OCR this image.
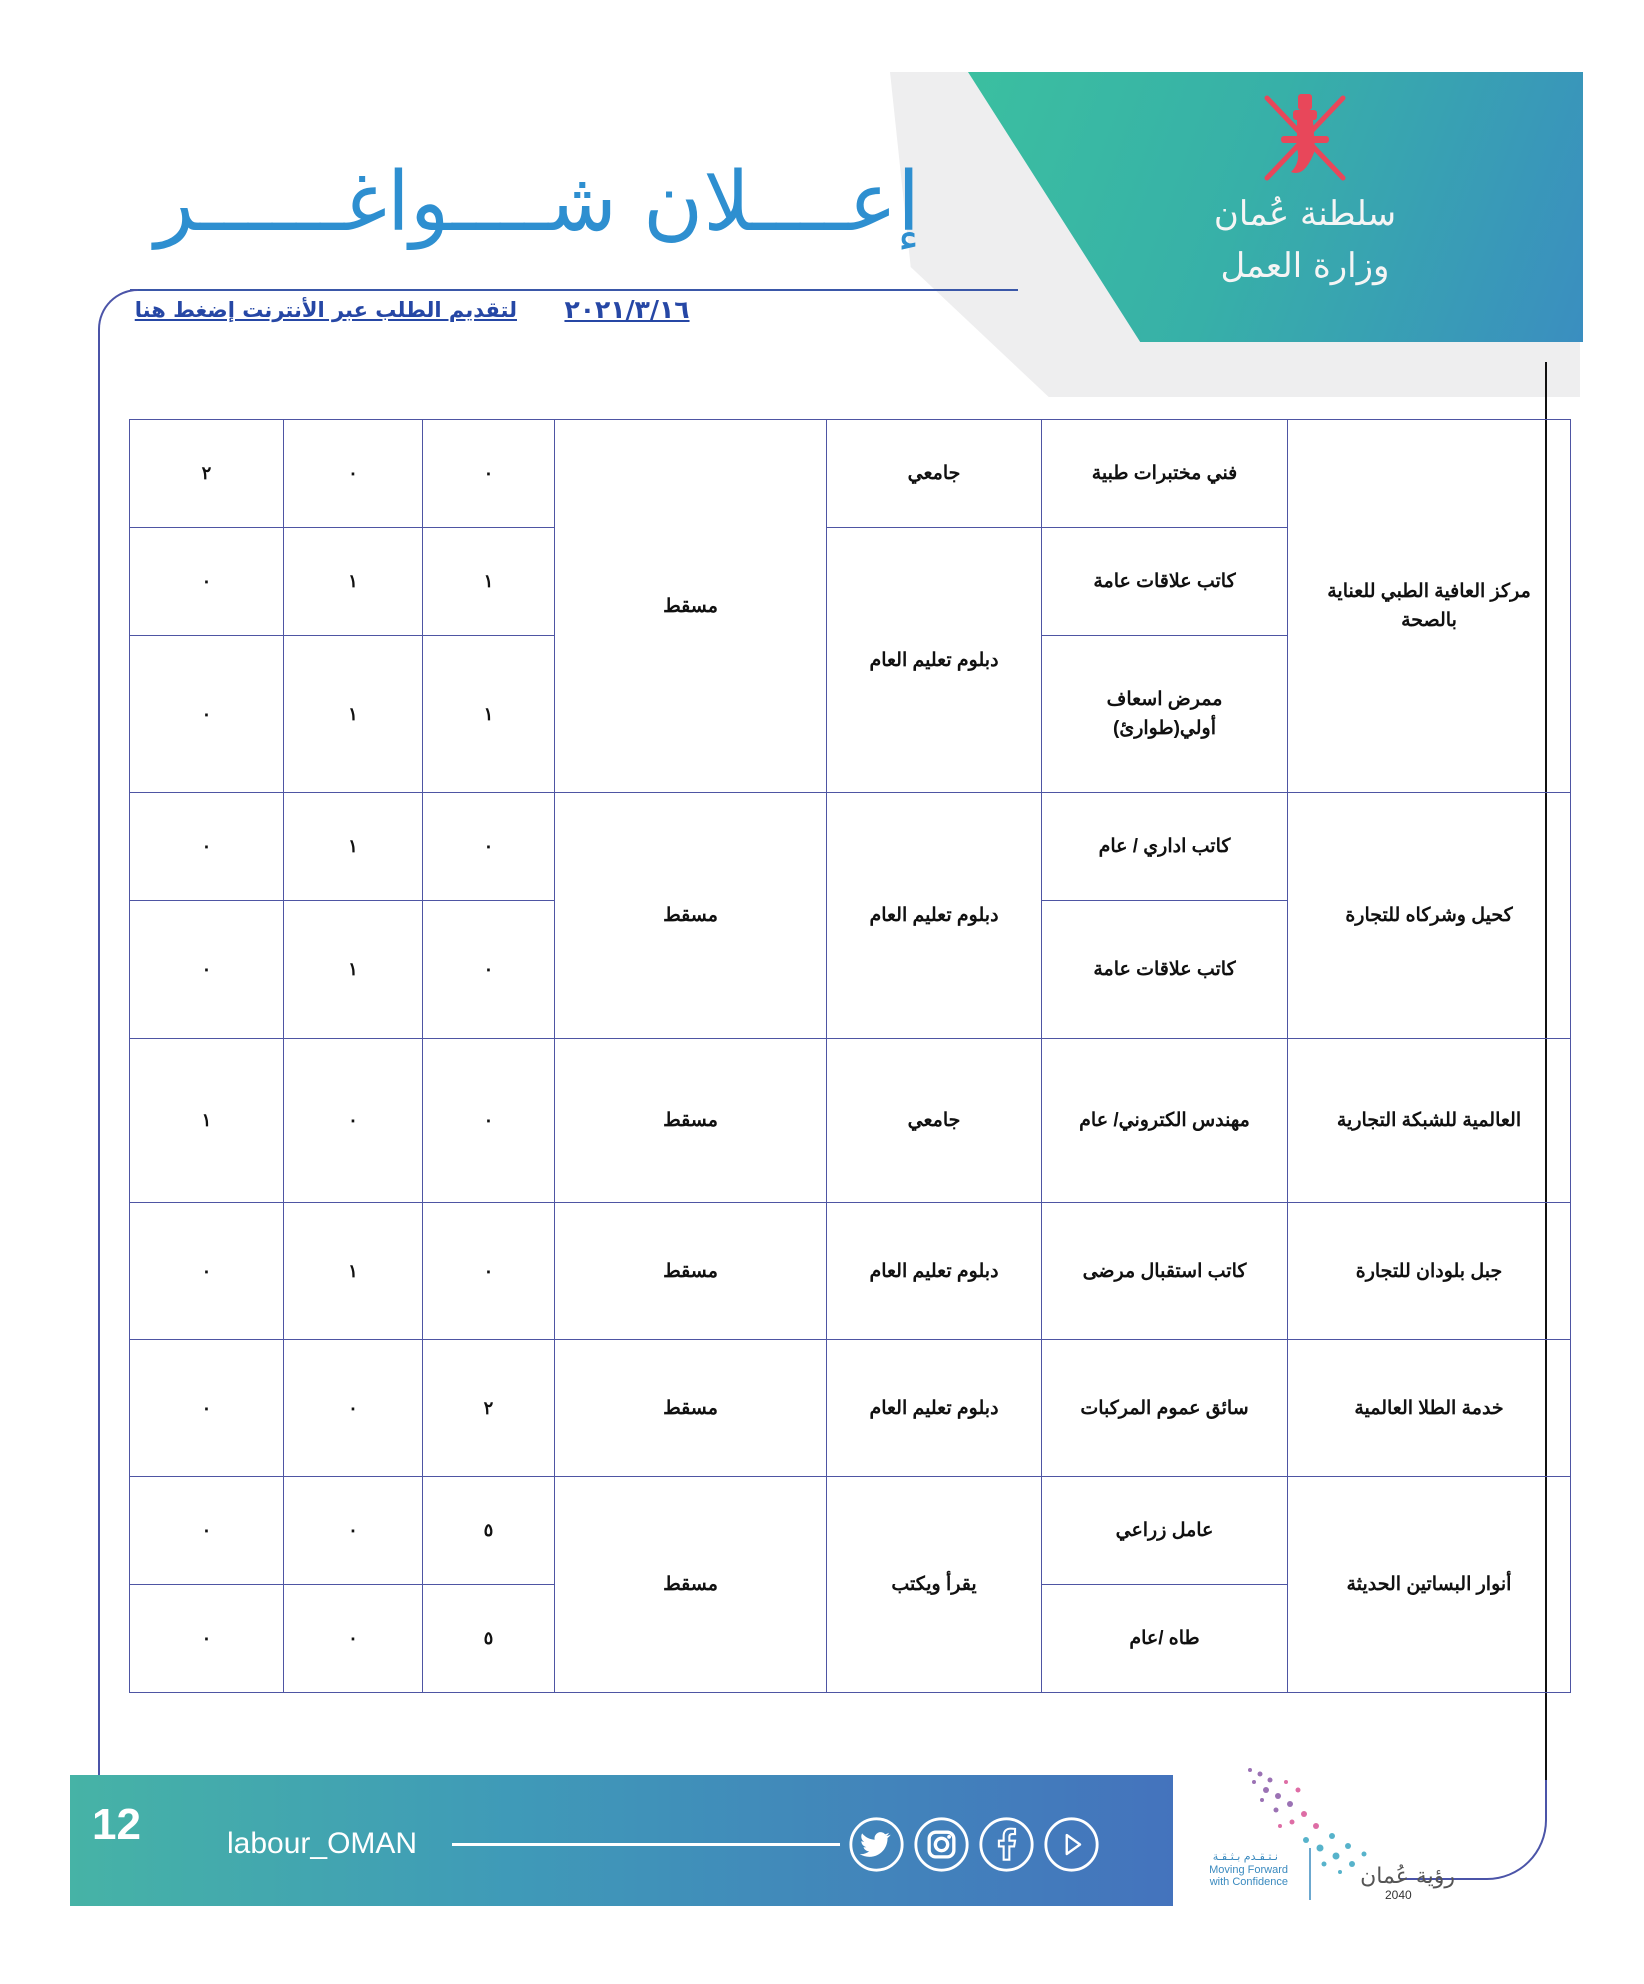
سلطنة عُمان
وزارة العمل
إعــــلان شــــواغــــــر
٢٠٢١/٣/١٦
لتقديم الطلب عبر الأنترنت إضغط هنا
مركز العافية الطبي للعناية بالصحة	فني مختبرات طبية	جامعي	مسقط	٠	٠	٢
	كاتب علاقات عامة	دبلوم تعليم العام		١	١	٠
	ممرض اسعاف أولي(طوارئ)			١	١	٠
كحيل وشركاه للتجارة	كاتب اداري / عام	دبلوم تعليم العام	مسقط	٠	١	٠
	كاتب علاقات عامة			٠	١	٠
العالمية للشبكة التجارية	مهندس الكتروني/ عام	جامعي	مسقط	٠	٠	١
جبل بلودان للتجارة	كاتب استقبال مرضى	دبلوم تعليم العام	مسقط	٠	١	٠
خدمة الطلا العالمية	سائق عموم المركبات	دبلوم تعليم العام	مسقط	٢	٠	٠
أنوار البساتين الحديثة	عامل زراعي	يقرأ ويكتب	مسقط	٥	٠	٠
	طاه /عام			٥	٠	٠
12	labour_OMAN	نـتـقـدم بـثـقـة
Moving Forward with Confidence	رؤية عُمان
2040
